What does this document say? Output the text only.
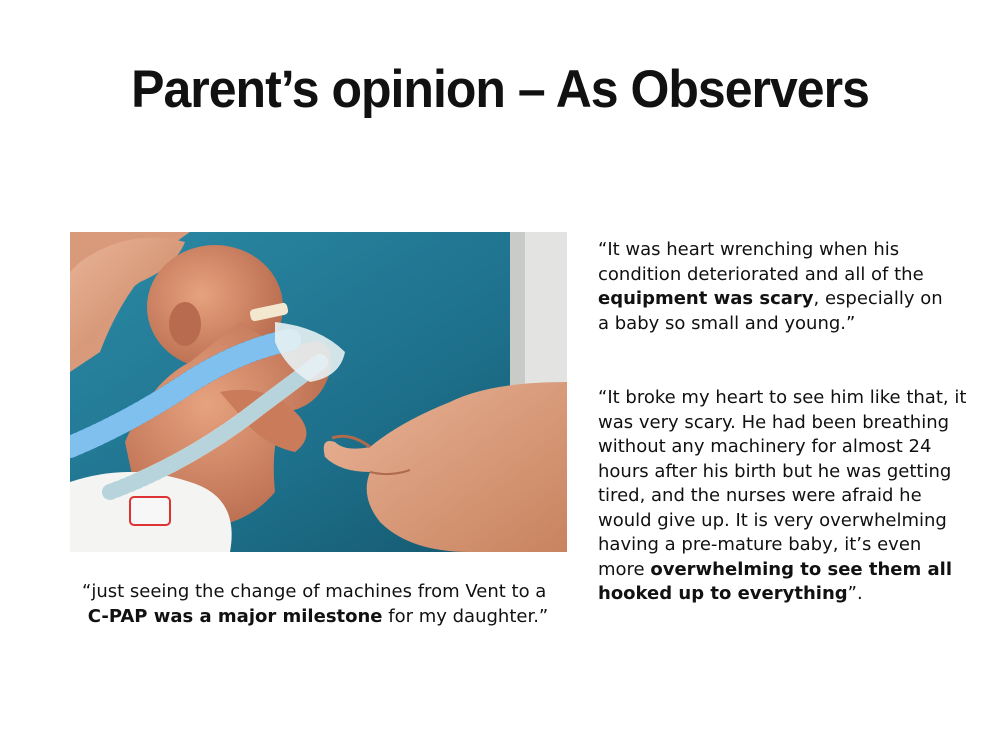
Parent’s opinion – As Observers
“It was heart wrenching when his condition deteriorated and all of the equipment was scary, especially on a baby so small and young.”
“It broke my heart to see him like that, it was very scary. He had been breathing without any machinery for almost 24 hours after his birth but he was getting tired, and the nurses were afraid he would give up. It is very overwhelming having a pre-mature baby, it’s even more overwhelming to see them all hooked up to everything”.
“just seeing the change of machines from Vent to a
C-PAP was a major milestone for my daughter.”
